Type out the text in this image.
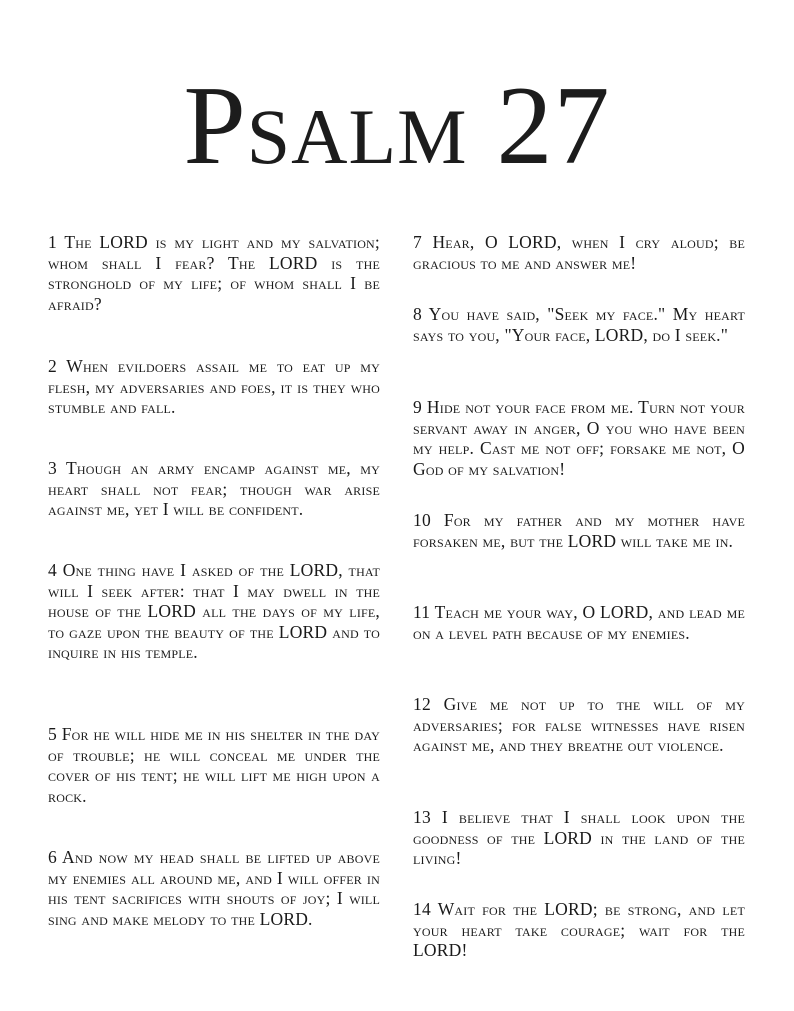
Psalm 27

1 The LORD is my light and my salvation; whom shall I fear? The LORD is the stronghold of my life; of whom shall I be afraid?

2 When evildoers assail me to eat up my flesh, my adversaries and foes, it is they who stumble and fall.

3 Though an army encamp against me, my heart shall not fear; though war arise against me, yet I will be confident.

4 One thing have I asked of the LORD, that will I seek after: that I may dwell in the house of the LORD all the days of my life, to gaze upon the beauty of the LORD and to inquire in his temple.

5 For he will hide me in his shelter in the day of trouble; he will conceal me under the cover of his tent; he will lift me high upon a rock.

6 And now my head shall be lifted up above my enemies all around me, and I will offer in his tent sacrifices with shouts of joy; I will sing and make melody to the LORD.

7 Hear, O LORD, when I cry aloud; be gracious to me and answer me!

8 You have said, "Seek my face." My heart says to you, "Your face, LORD, do I seek."

9 Hide not your face from me. Turn not your servant away in anger, O you who have been my help. Cast me not off; forsake me not, O God of my salvation!

10 For my father and my mother have forsaken me, but the LORD will take me in.

11 Teach me your way, O LORD, and lead me on a level path because of my enemies.

12 Give me not up to the will of my adversaries; for false witnesses have risen against me, and they breathe out violence.

13 I believe that I shall look upon the goodness of the LORD in the land of the living!

14 Wait for the LORD; be strong, and let your heart take courage; wait for the LORD!
